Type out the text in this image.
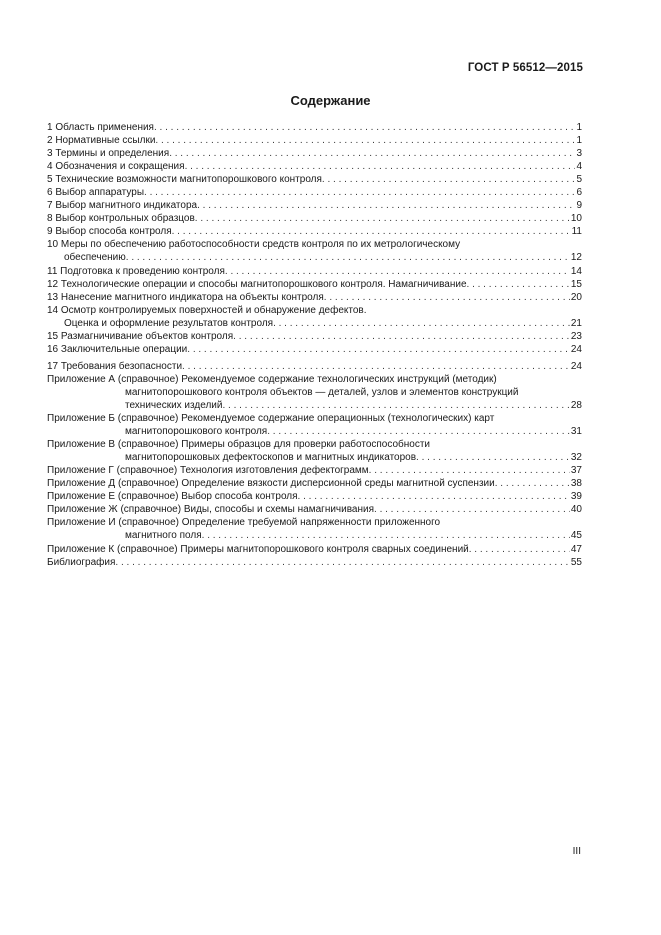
ГОСТ Р 56512—2015
Содержание
1 Область применения . . .	1
2 Нормативные ссылки . . .	1
3 Термины и определения . . .	3
4 Обозначения и сокращения . . .	4
5 Технические возможности магнитопорошкового контроля . . .	5
6 Выбор аппаратуры . . .	6
7 Выбор магнитного индикатора . . .	9
8 Выбор контрольных образцов . . .	10
9 Выбор способа контроля . . .	11
10 Меры по обеспечению работоспособности средств контроля по их метрологическому
обеспечению . . .	12
11 Подготовка к проведению контроля . . .	14
12 Технологические операции и способы магнитопорошкового контроля. Намагничивание . . .	15
13 Нанесение магнитного индикатора на объекты контроля . . .	20
14 Осмотр контролируемых поверхностей и обнаружение дефектов.
Оценка и оформление результатов контроля . . .	21
15 Размагничивание объектов контроля . . .	23
16 Заключительные операции . . .	24
17 Требования безопасности . . .	24
Приложение А (справочное) Рекомендуемое содержание технологических инструкций (методик)
магнитопорошкового контроля объектов — деталей, узлов и элементов конструкций
технических изделий . . .	28
Приложение Б (справочное) Рекомендуемое содержание операционных (технологических) карт
магнитопорошкового контроля . . .	31
Приложение В (справочное) Примеры образцов для проверки работоспособности
магнитопорошковых дефектоскопов и магнитных индикаторов . . .	32
Приложение Г (справочное) Технология изготовления дефектограмм . . .	37
Приложение Д (справочное) Определение вязкости дисперсионной среды магнитной суспензии . . .	38
Приложение Е (справочное) Выбор способа контроля . . .	39
Приложение Ж (справочное) Виды, способы и схемы намагничивания . . .	40
Приложение И (справочное) Определение требуемой напряженности приложенного
магнитного поля . . .	45
Приложение К (справочное) Примеры магнитопорошкового контроля сварных соединений . . .	47
Библиография . . .	55
III
